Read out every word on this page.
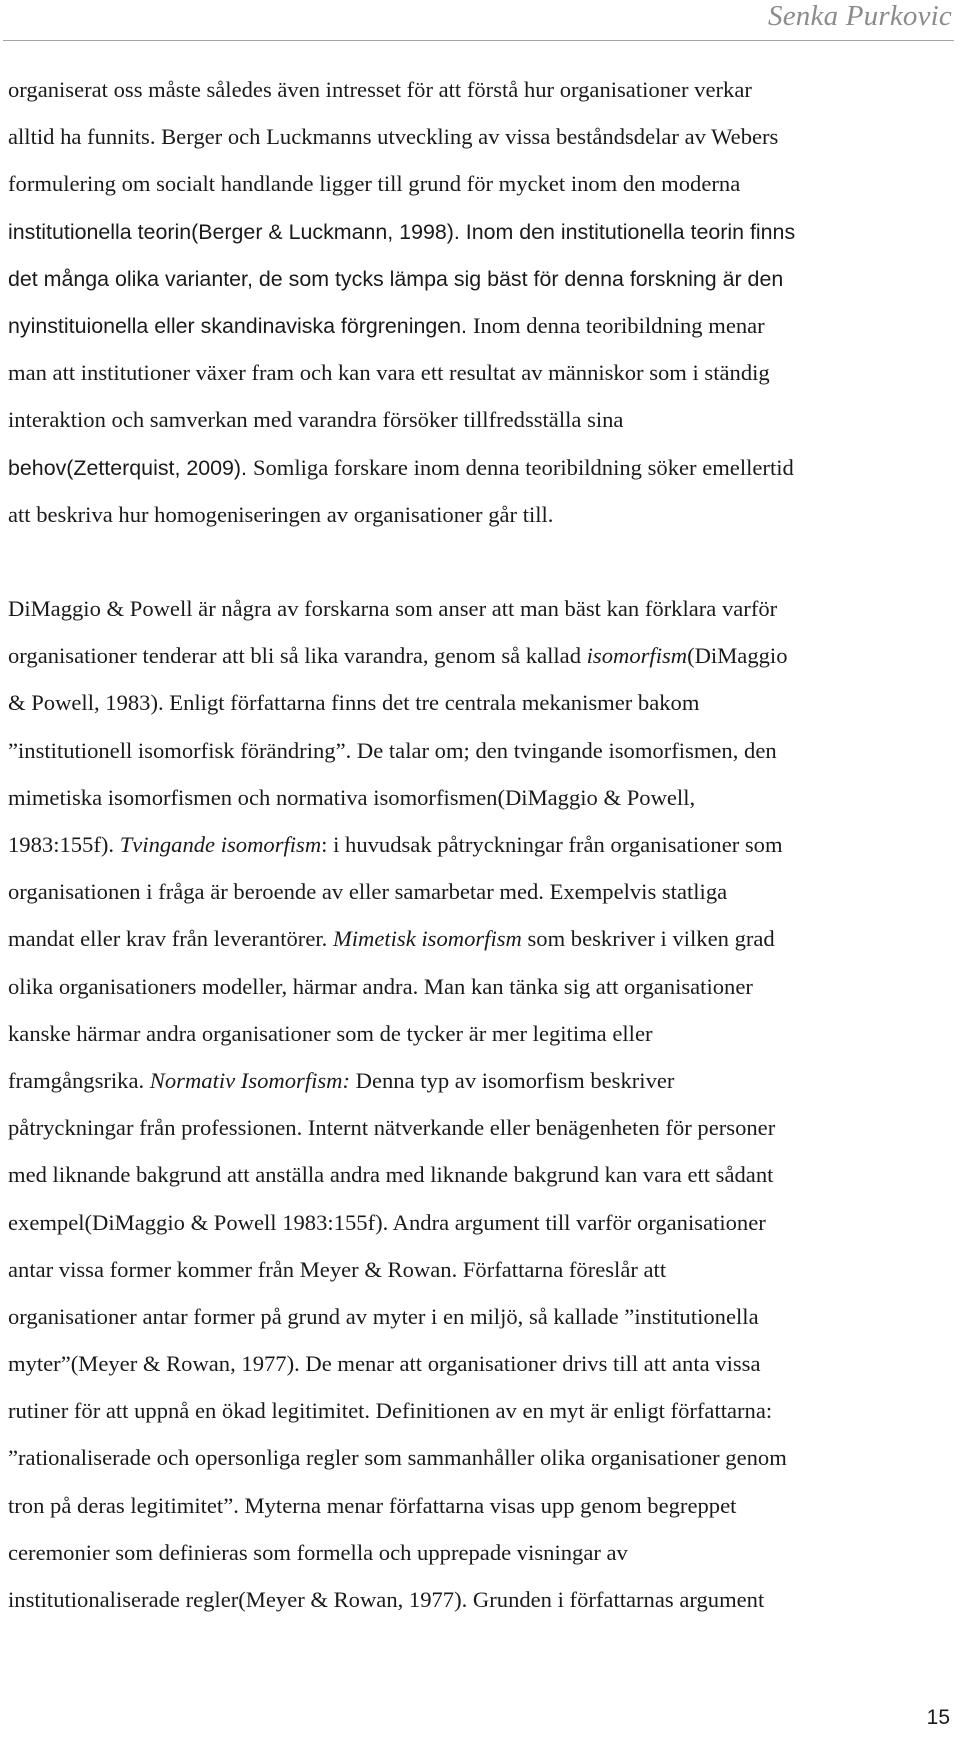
Senka Purkovic
organiserat oss måste således även intresset för att förstå hur organisationer verkar
alltid ha funnits. Berger och Luckmanns utveckling av vissa beståndsdelar av Webers
formulering om socialt handlande ligger till grund för mycket inom den moderna
institutionella teorin(Berger & Luckmann, 1998). Inom den institutionella teorin finns
det många olika varianter, de som tycks lämpa sig bäst för denna forskning är den
nyinstituionella eller skandinaviska förgreningen. Inom denna teoribildning menar
man att institutioner växer fram och kan vara ett resultat av människor som i ständig
interaktion och samverkan med varandra försöker tillfredsställa sina
behov(Zetterquist, 2009). Somliga forskare inom denna teoribildning söker emellertid
att beskriva hur homogeniseringen av organisationer går till.
DiMaggio & Powell är några av forskarna som anser att man bäst kan förklara varför
organisationer tenderar att bli så lika varandra, genom så kallad isomorfism(DiMaggio
& Powell, 1983). Enligt författarna finns det tre centrala mekanismer bakom
”institutionell isomorfisk förändring”. De talar om; den tvingande isomorfismen, den
mimetiska isomorfismen och normativa isomorfismen(DiMaggio & Powell,
1983:155f). Tvingande isomorfism: i huvudsak påtryckningar från organisationer som
organisationen i fråga är beroende av eller samarbetar med. Exempelvis statliga
mandat eller krav från leverantörer. Mimetisk isomorfism som beskriver i vilken grad
olika organisationers modeller, härmar andra. Man kan tänka sig att organisationer
kanske härmar andra organisationer som de tycker är mer legitima eller
framgångsrika. Normativ Isomorfism: Denna typ av isomorfism beskriver
påtryckningar från professionen. Internt nätverkande eller benägenheten för personer
med liknande bakgrund att anställa andra med liknande bakgrund kan vara ett sådant
exempel(DiMaggio & Powell 1983:155f). Andra argument till varför organisationer
antar vissa former kommer från Meyer & Rowan. Författarna föreslår att
organisationer antar former på grund av myter i en miljö, så kallade ”institutionella
myter”(Meyer & Rowan, 1977). De menar att organisationer drivs till att anta vissa
rutiner för att uppnå en ökad legitimitet. Definitionen av en myt är enligt författarna:
”rationaliserade och opersonliga regler som sammanhåller olika organisationer genom
tron på deras legitimitet”. Myterna menar författarna visas upp genom begreppet
ceremonier som definieras som formella och upprepade visningar av
institutionaliserade regler(Meyer & Rowan, 1977). Grunden i författarnas argument
15
